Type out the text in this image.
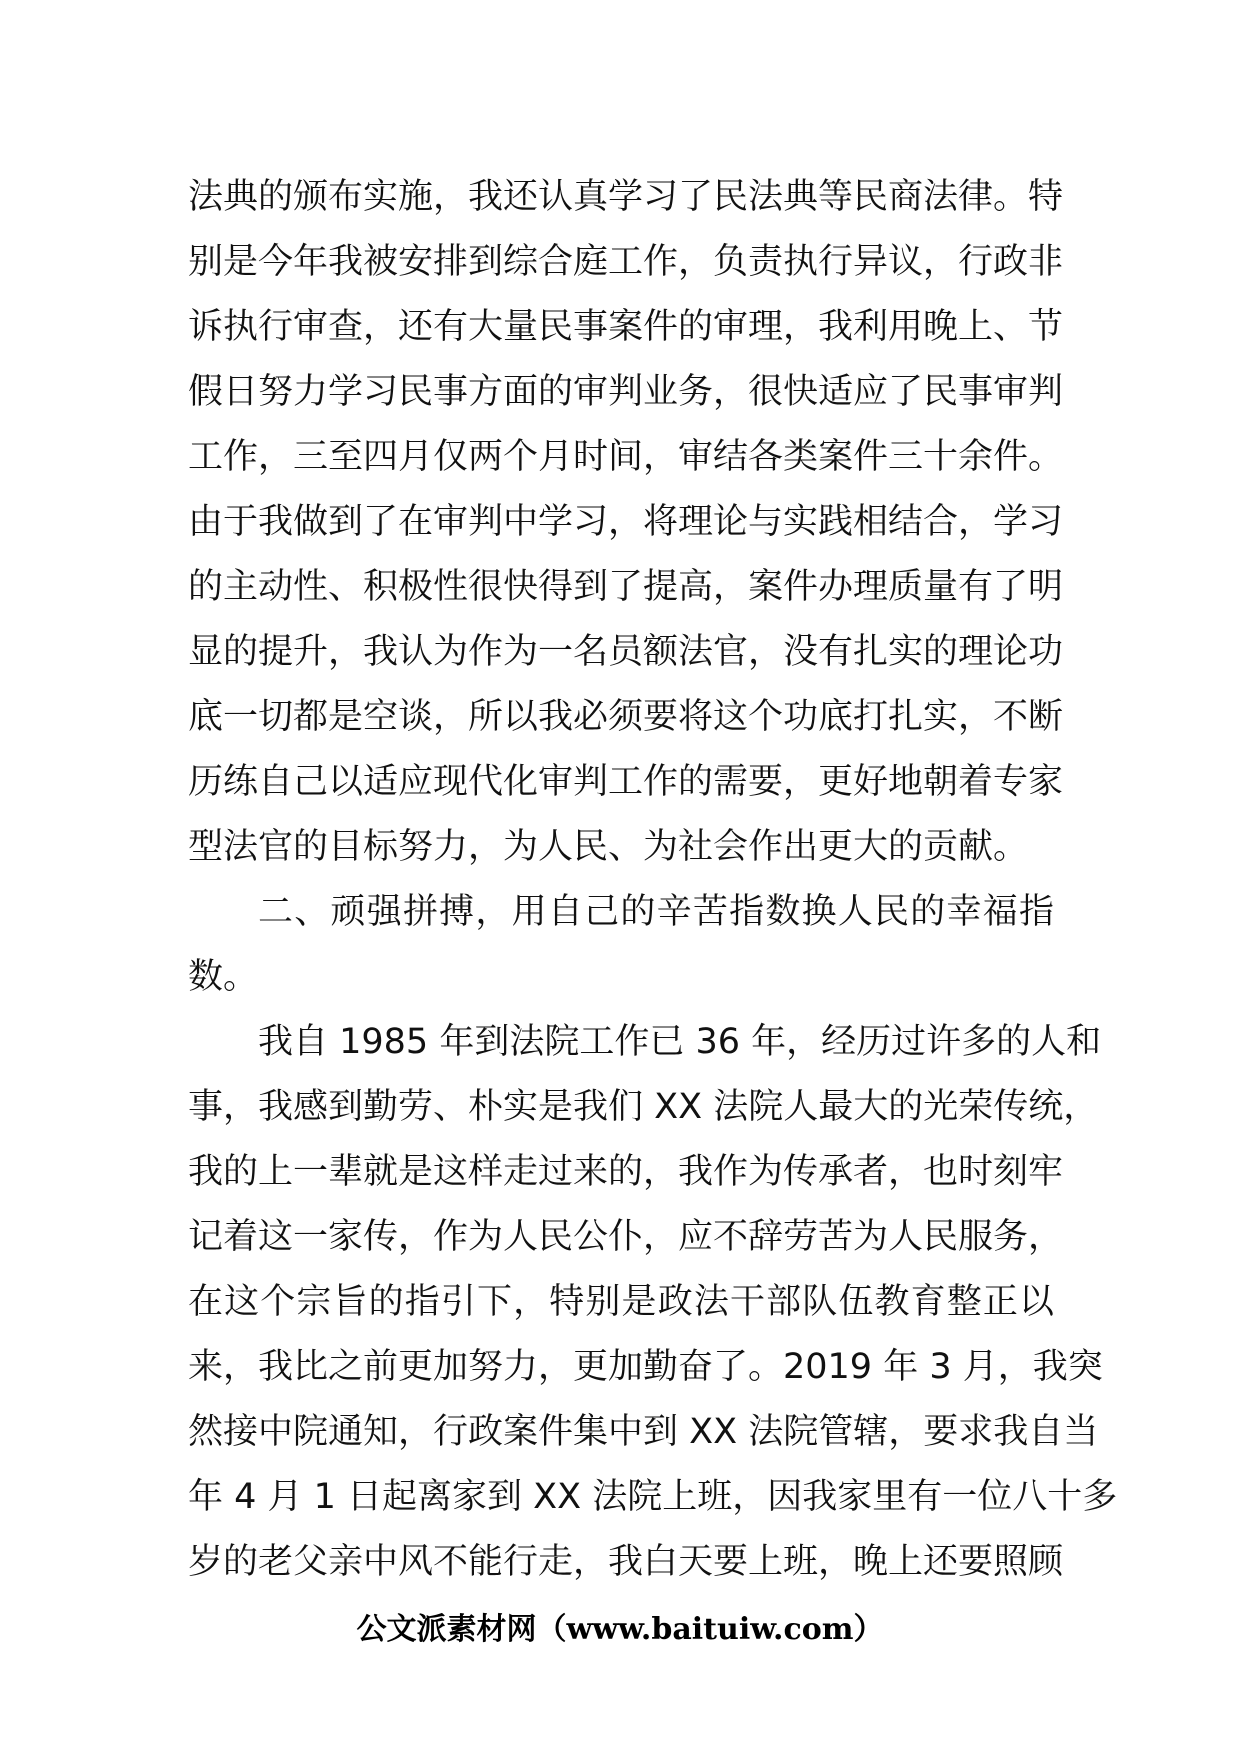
法典的颁布实施，我还认真学习了民法典等民商法律。特
别是今年我被安排到综合庭工作，负责执行异议，行政非
诉执行审查，还有大量民事案件的审理，我利用晚上、节
假日努力学习民事方面的审判业务，很快适应了民事审判
工作，三至四月仅两个月时间，审结各类案件三十余件。
由于我做到了在审判中学习，将理论与实践相结合，学习
的主动性、积极性很快得到了提高，案件办理质量有了明
显的提升，我认为作为一名员额法官，没有扎实的理论功
底一切都是空谈，所以我必须要将这个功底打扎实，不断
历练自己以适应现代化审判工作的需要，更好地朝着专家
型法官的目标努力，为人民、为社会作出更大的贡献。
二、顽强拼搏，用自己的辛苦指数换人民的幸福指
数。
我自 1985 年到法院工作已 36 年，经历过许多的人和
事，我感到勤劳、朴实是我们 XX 法院人最大的光荣传统，
我的上一辈就是这样走过来的，我作为传承者，也时刻牢
记着这一家传，作为人民公仆，应不辞劳苦为人民服务，
在这个宗旨的指引下，特别是政法干部队伍教育整正以
来，我比之前更加努力，更加勤奋了。2019 年 3 月，我突
然接中院通知，行政案件集中到 XX 法院管辖，要求我自当
年 4 月 1 日起离家到 XX 法院上班，因我家里有一位八十多
岁的老父亲中风不能行走，我白天要上班，晚上还要照顾
公文派素材网（www.baituiw.com）
